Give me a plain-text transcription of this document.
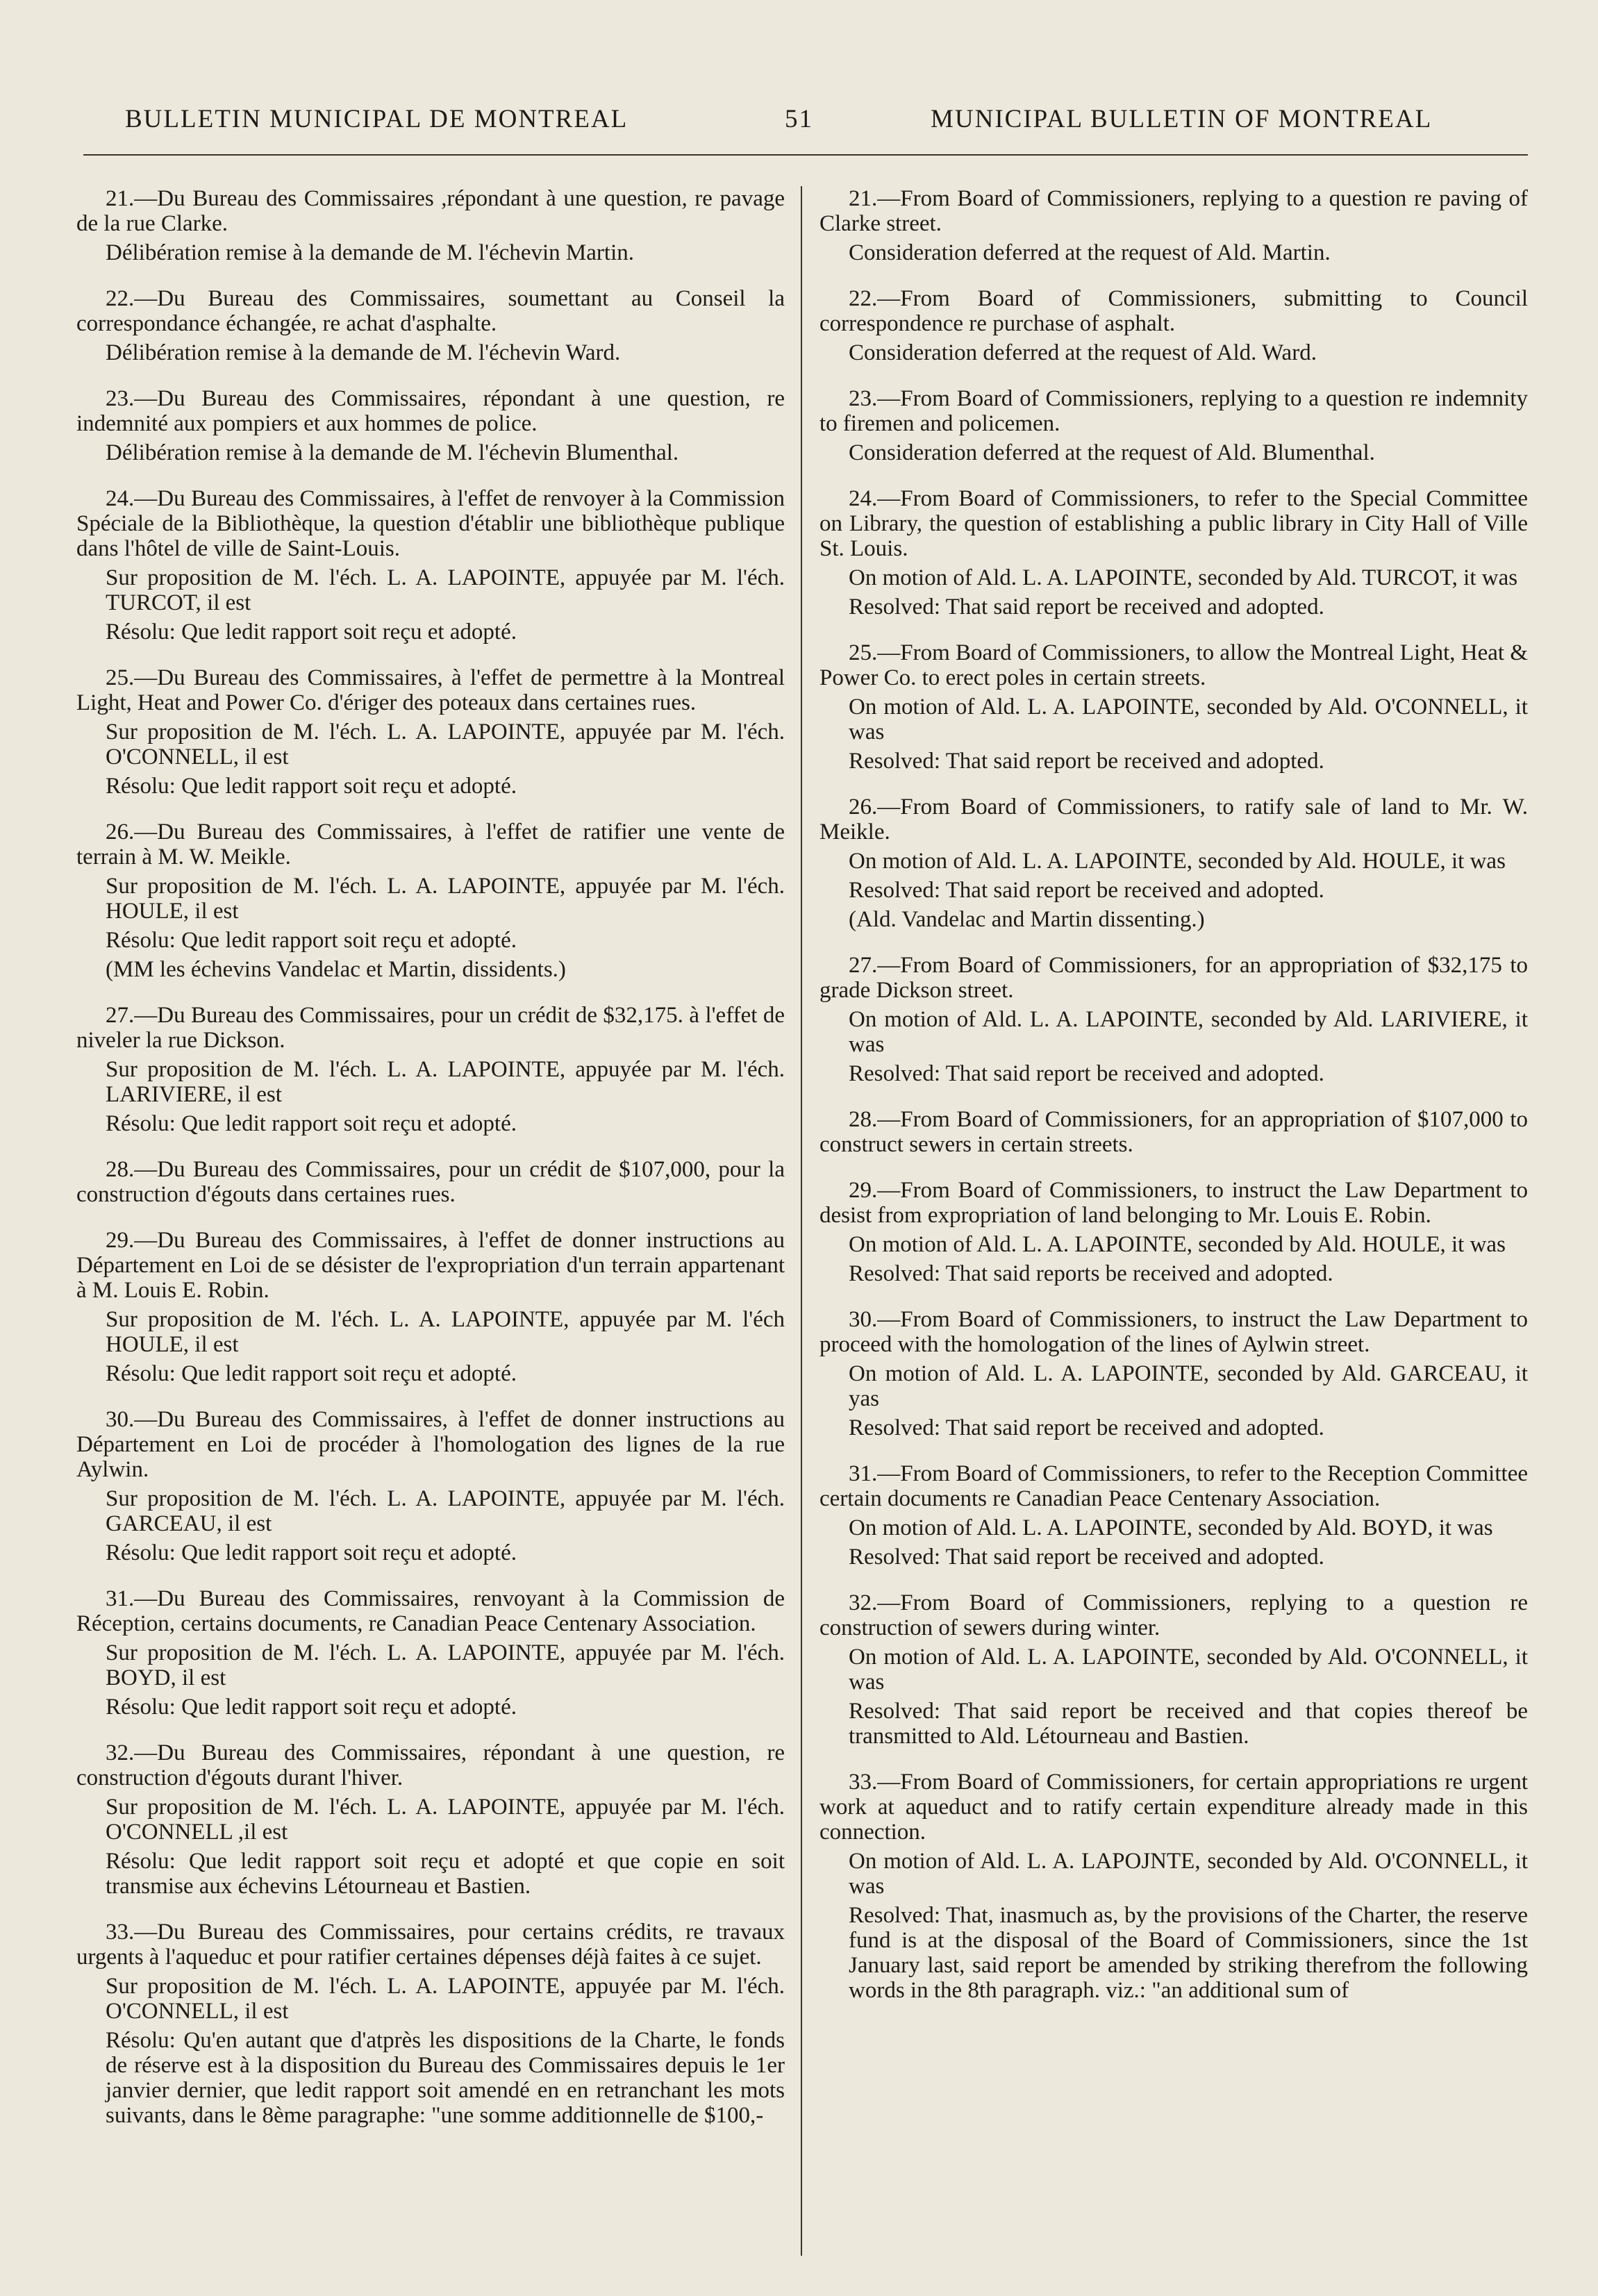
BULLETIN MUNICIPAL DE MONTREAL	51	MUNICIPAL BULLETIN OF MONTREAL

21.—Du Bureau des Commissaires ,répondant à une question, re pavage de la rue Clarke.

Délibération remise à la demande de M. l'échevin Martin.

22.—Du Bureau des Commissaires, soumettant au Conseil la correspondance échangée, re achat d'asphalte.

Délibération remise à la demande de M. l'échevin Ward.

23.—Du Bureau des Commissaires, répondant à une question, re indemnité aux pompiers et aux hommes de police.

Délibération remise à la demande de M. l'échevin Blumenthal.

24.—Du Bureau des Commissaires, à l'effet de renvoyer à la Commission Spéciale de la Bibliothèque, la question d'établir une bibliothèque publique dans l'hôtel de ville de Saint-Louis.

Sur proposition de M. l'éch. L. A. LAPOINTE, appuyée par M. l'éch. TURCOT, il est

Résolu: Que ledit rapport soit reçu et adopté.

25.—Du Bureau des Commissaires, à l'effet de permettre à la Montreal Light, Heat and Power Co. d'ériger des poteaux dans certaines rues.

Sur proposition de M. l'éch. L. A. LAPOINTE, appuyée par M. l'éch. O'CONNELL, il est

Résolu: Que ledit rapport soit reçu et adopté.

26.—Du Bureau des Commissaires, à l'effet de ratifier une vente de terrain à M. W. Meikle.

Sur proposition de M. l'éch. L. A. LAPOINTE, appuyée par M. l'éch. HOULE, il est

Résolu: Que ledit rapport soit reçu et adopté.

(MM les échevins Vandelac et Martin, dissidents.)

27.—Du Bureau des Commissaires, pour un crédit de $32,175. à l'effet de niveler la rue Dickson.

Sur proposition de M. l'éch. L. A. LAPOINTE, appuyée par M. l'éch. LARIVIERE, il est

Résolu: Que ledit rapport soit reçu et adopté.

28.—Du Bureau des Commissaires, pour un crédit de $107,000, pour la construction d'égouts dans certaines rues.

29.—Du Bureau des Commissaires, à l'effet de donner instructions au Département en Loi de se désister de l'expropriation d'un terrain appartenant à M. Louis E. Robin.

Sur proposition de M. l'éch. L. A. LAPOINTE, appuyée par M. l'éch HOULE, il est

Résolu: Que ledit rapport soit reçu et adopté.

30.—Du Bureau des Commissaires, à l'effet de donner instructions au Département en Loi de procéder à l'homologation des lignes de la rue Aylwin.

Sur proposition de M. l'éch. L. A. LAPOINTE, appuyée par M. l'éch. GARCEAU, il est

Résolu: Que ledit rapport soit reçu et adopté.

31.—Du Bureau des Commissaires, renvoyant à la Commission de Réception, certains documents, re Canadian Peace Centenary Association.

Sur proposition de M. l'éch. L. A. LAPOINTE, appuyée par M. l'éch. BOYD, il est

Résolu: Que ledit rapport soit reçu et adopté.

32.—Du Bureau des Commissaires, répondant à une question, re construction d'égouts durant l'hiver.

Sur proposition de M. l'éch. L. A. LAPOINTE, appuyée par M. l'éch. O'CONNELL ,il est

Résolu: Que ledit rapport soit reçu et adopté et que copie en soit transmise aux échevins Létourneau et Bastien.

33.—Du Bureau des Commissaires, pour certains crédits, re travaux urgents à l'aqueduc et pour ratifier certaines dépenses déjà faites à ce sujet.

Sur proposition de M. l'éch. L. A. LAPOINTE, appuyée par M. l'éch. O'CONNELL, il est

Résolu: Qu'en autant que d'atprès les dispositions de la Charte, le fonds de réserve est à la disposition du Bureau des Commissaires depuis le 1er janvier dernier, que ledit rapport soit amendé en en retranchant les mots suivants, dans le 8ème paragraphe: "une somme additionnelle de $100,-

21.—From Board of Commissioners, replying to a question re paving of Clarke street.

Consideration deferred at the request of Ald. Martin.

22.—From Board of Commissioners, submitting to Council correspondence re purchase of asphalt.

Consideration deferred at the request of Ald. Ward.

23.—From Board of Commissioners, replying to a question re indemnity to firemen and policemen.

Consideration deferred at the request of Ald. Blumenthal.

24.—From Board of Commissioners, to refer to the Special Committee on Library, the question of establishing a public library in City Hall of Ville St. Louis.

On motion of Ald. L. A. LAPOINTE, seconded by Ald. TURCOT, it was

Resolved: That said report be received and adopted.

25.—From Board of Commissioners, to allow the Montreal Light, Heat & Power Co. to erect poles in certain streets.

On motion of Ald. L. A. LAPOINTE, seconded by Ald. O'CONNELL, it was

Resolved: That said report be received and adopted.

26.—From Board of Commissioners, to ratify sale of land to Mr. W. Meikle.

On motion of Ald. L. A. LAPOINTE, seconded by Ald. HOULE, it was

Resolved: That said report be received and adopted.

(Ald. Vandelac and Martin dissenting.)

27.—From Board of Commissioners, for an appropriation of $32,175 to grade Dickson street.

On motion of Ald. L. A. LAPOINTE, seconded by Ald. LARIVIERE, it was

Resolved: That said report be received and adopted.

28.—From Board of Commissioners, for an appropriation of $107,000 to construct sewers in certain streets.

29.—From Board of Commissioners, to instruct the Law Department to desist from expropriation of land belonging to Mr. Louis E. Robin.

On motion of Ald. L. A. LAPOINTE, seconded by Ald. HOULE, it was

Resolved: That said reports be received and adopted.

30.—From Board of Commissioners, to instruct the Law Department to proceed with the homologation of the lines of Aylwin street.

On motion of Ald. L. A. LAPOINTE, seconded by Ald. GARCEAU, it yas

Resolved: That said report be received and adopted.

31.—From Board of Commissioners, to refer to the Reception Committee certain documents re Canadian Peace Centenary Association.

On motion of Ald. L. A. LAPOINTE, seconded by Ald. BOYD, it was

Resolved: That said report be received and adopted.

32.—From Board of Commissioners, replying to a question re construction of sewers during winter.

On motion of Ald. L. A. LAPOINTE, seconded by Ald. O'CONNELL, it was

Resolved: That said report be received and that copies thereof be transmitted to Ald. Létourneau and Bastien.

33.—From Board of Commissioners, for certain appropriations re urgent work at aqueduct and to ratify certain expenditure already made in this connection.

On motion of Ald. L. A. LAPOJNTE, seconded by Ald. O'CONNELL, it was

Resolved: That, inasmuch as, by the provisions of the Charter, the reserve fund is at the disposal of the Board of Commissioners, since the 1st January last, said report be amended by striking therefrom the following words in the 8th paragraph. viz.: "an additional sum of
